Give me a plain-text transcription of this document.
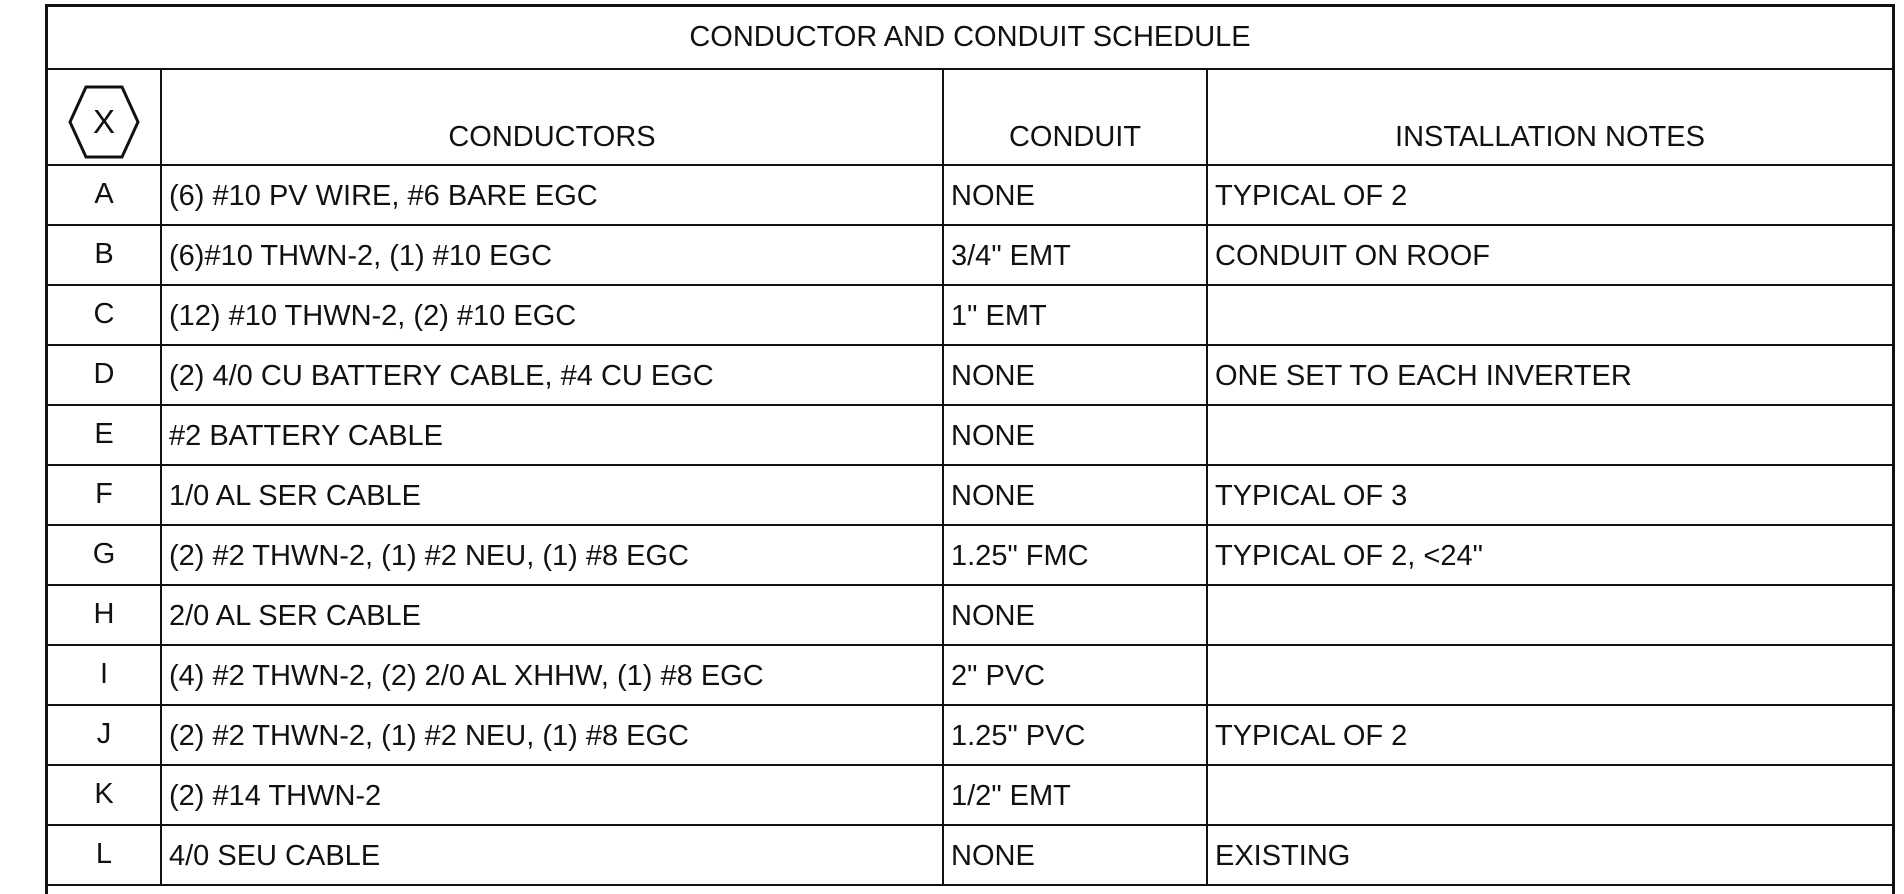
CONDUCTOR AND CONDUIT SCHEDULE
X	CONDUCTORS	CONDUIT	INSTALLATION NOTES
A	(6) #10 PV WIRE, #6 BARE EGC	NONE	TYPICAL OF 2
B	(6)#10 THWN-2, (1) #10 EGC	3/4" EMT	CONDUIT ON ROOF
C	(12) #10 THWN-2, (2) #10 EGC	1" EMT
D	(2) 4/0 CU BATTERY CABLE, #4 CU EGC	NONE	ONE SET TO EACH INVERTER
E	#2 BATTERY CABLE	NONE
F	1/0 AL SER CABLE	NONE	TYPICAL OF 3
G	(2) #2 THWN-2, (1) #2 NEU, (1) #8 EGC	1.25" FMC	TYPICAL OF 2, <24"
H	2/0 AL SER CABLE	NONE
I	(4) #2 THWN-2, (2) 2/0 AL XHHW, (1) #8 EGC	2" PVC
J	(2) #2 THWN-2, (1) #2 NEU, (1) #8 EGC	1.25" PVC	TYPICAL OF 2
K	(2) #14 THWN-2	1/2" EMT
L	4/0 SEU CABLE	NONE	EXISTING
